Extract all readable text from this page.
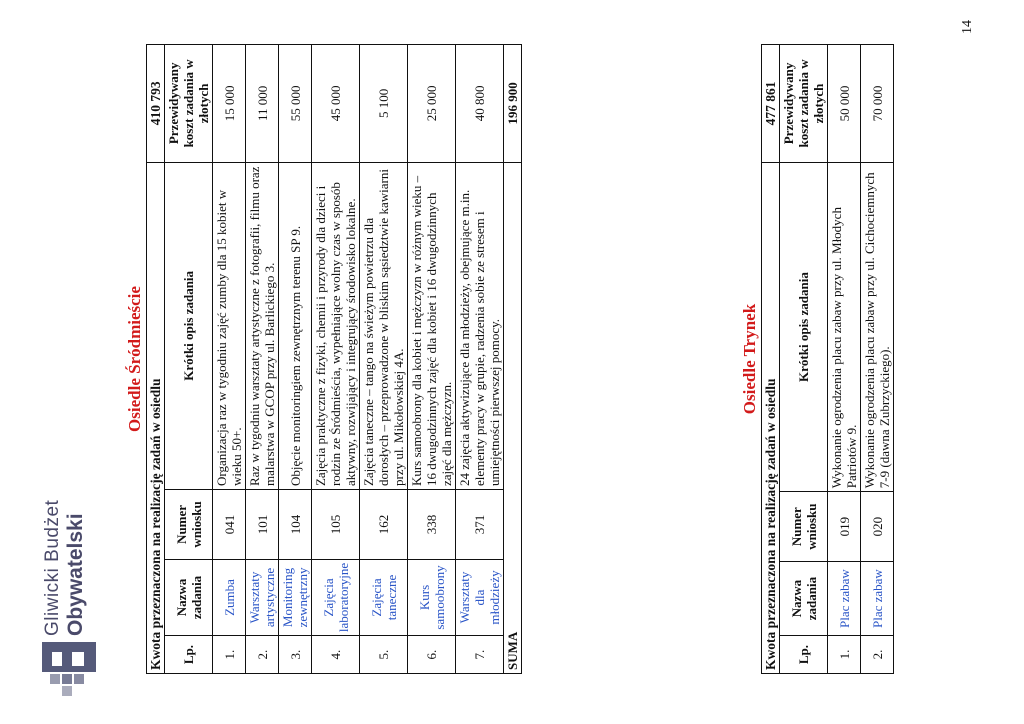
Gliwicki Budżet Obywatelski
Osiedle Śródmieście				
Kwota przeznaczona na realizację zadań w osiedlu				410 793
Lp.	Nazwa zadania	Numer wniosku	Krótki opis zadania	Przewidywany koszt zadania w złotych
1.	Zumba	041	Organizacja raz w tygodniu zajęć zumby dla 15 kobiet w wieku 50+.	15 000
2.	Warsztaty artystyczne	101	Raz w tygodniu warsztaty artystyczne z fotografii, filmu oraz malarstwa w GCOP przy ul. Barlickiego 3.	11 000
3.	Monitoring zewnętrzny	104	Objęcie monitoringiem zewnętrznym terenu SP 9.	55 000
4.	Zajęcia laboratoryjne	105	Zajęcia praktyczne z fizyki, chemii i przyrody dla dzieci i rodzin ze Śródmieścia, wypełniające wolny czas w sposób aktywny, rozwijający i integrujący środowisko lokalne.	45 000
5.	Zajęcia taneczne	162	Zajęcia taneczne – tango na świeżym powietrzu dla dorosłych – przeprowadzone w bliskim sąsiedztwie kawiarni przy ul. Mikołowskiej 4A.	5 100
6.	Kurs samoobrony	338	Kurs samoobrony dla kobiet i mężczyzn w różnym wieku – 16 dwugodzinnych zajęć dla kobiet i 16 dwugodzinnych zajęć dla mężczyzn.	25 000
7.	Warsztaty dla młodzieży	371	24 zajęcia aktywizujące dla młodzieży, obejmujące m.in. elementy pracy w grupie, radzenia sobie ze stresem i umiejętności pierwszej pomocy.	40 800
SUMA				196 900
Osiedle Trynek				
Kwota przeznaczona na realizację zadań w osiedlu				477 861
Lp.	Nazwa zadania	Numer wniosku	Krótki opis zadania	Przewidywany koszt zadania w złotych
1.	Plac zabaw	019	Wykonanie ogrodzenia placu zabaw przy ul. Młodych Patriotów 9.	50 000
2.	Plac zabaw	020	Wykonanie ogrodzenia placu zabaw przy ul. Cichociemnych 7-9 (dawna Zubrzyckiego).	70 000
14
